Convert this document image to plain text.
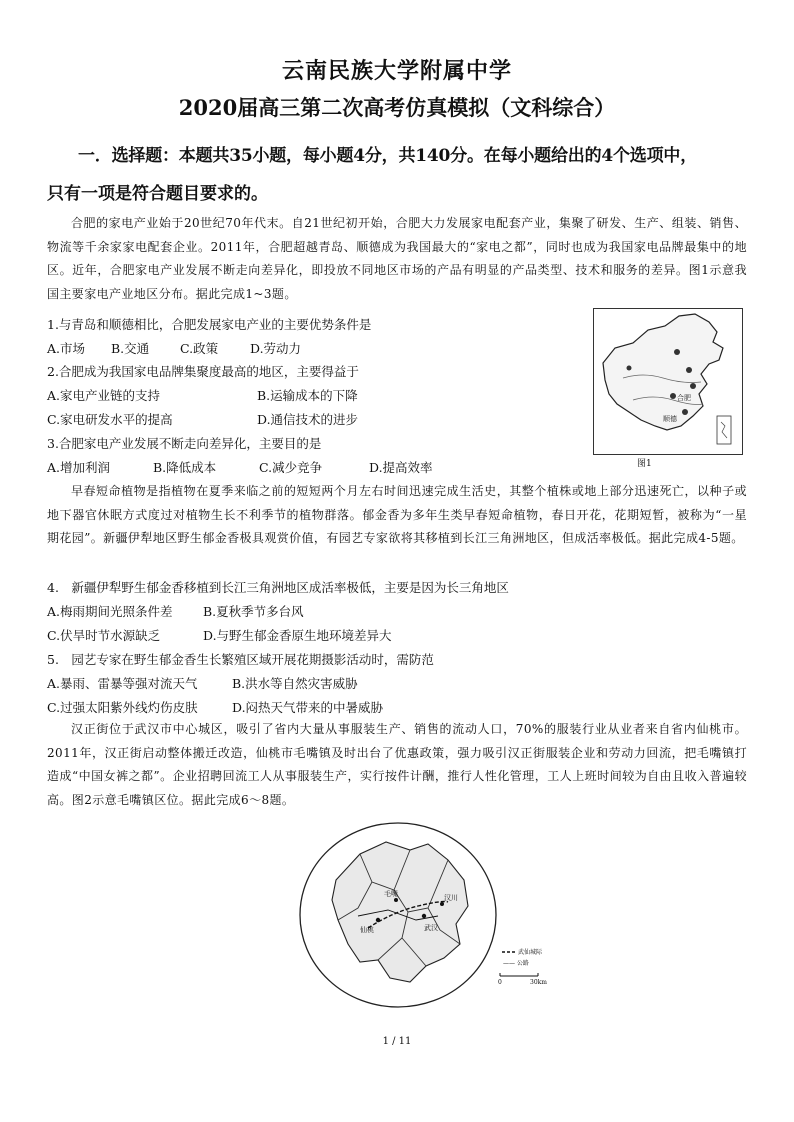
云南民族大学附属中学
2020届高三第二次高考仿真模拟（文科综合）
一．选择题：本题共35小题，每小题4分，共140分。在每小题给出的4个选项中，
只有一项是符合题目要求的。
合肥的家电产业始于20世纪70年代末。自21世纪初开始，合肥大力发展家电配套产业，集聚了研发、生产、组装、销售、物流等千余家家电配套企业。2011年，合肥超越青岛、顺德成为我国最大的“家电之都”，同时也成为我国家电品牌最集中的地区。近年，合肥家电产业发展不断走向差异化，即投放不同地区市场的产品有明显的产品类型、技术和服务的差异。图1示意我国主要家电产业地区分布。据此完成1~3题。
1.与青岛和顺德相比，合肥发展家电产业的主要优势条件是
A.市场 B.交通 C.政策	D.劳动力
2.合肥成为我国家电品牌集聚度最高的地区，主要得益于
A.家电产业链的支持	B.运输成本的下降
C.家电研发水平的提高	D.通信技术的进步
3.合肥家电产业发展不断走向差异化，主要目的是
A.增加利润	B.降低成本	C.减少竞争	D.提高效率
合肥
顺德
图1
早春短命植物是指植物在夏季来临之前的短短两个月左右时间迅速完成生活史，其整个植株或地上部分迅速死亡，以种子或地下器官休眠方式度过对植物生长不利季节的植物群落。郁金香为多年生类早春短命植物，春日开花，花期短暂，被称为“一星期花园”。新疆伊犁地区野生郁金香极具观赏价值，有园艺专家欲将其移植到长江三角洲地区，但成活率极低。据此完成4-5题。
4.　新疆伊犁野生郁金香移植到长江三角洲地区成活率极低，主要是因为长三角地区
A.梅雨期间光照条件差 B.夏秋季节多台风
C.伏旱时节水源缺乏	D.与野生郁金香原生地环境差异大
5.　园艺专家在野生郁金香生长繁殖区域开展花期摄影活动时，需防范
A.暴雨、雷暴等强对流天气	B.洪水等自然灾害威胁
C.过强太阳紫外线灼伤皮肤	D.闷热天气带来的中暑威胁
汉正街位于武汉市中心城区，吸引了省内大量从事服装生产、销售的流动人口，70%的服装行业从业者来自省内仙桃市。2011年，汉正街启动整体搬迁改造，仙桃市毛嘴镇及时出台了优惠政策，强力吸引汉正街服装企业和劳动力回流，把毛嘴镇打造成“中国女裤之都”。企业招聘回流工人从事服装生产，实行按件计酬，推行人性化管理，工人上班时间较为自由且收入普遍较高。图2示意毛嘴镇区位。据此完成6～8题。
仙桃	武汉
毛嘴	汉川
武仙城际
—— 公路
0	30km
1 / 11
